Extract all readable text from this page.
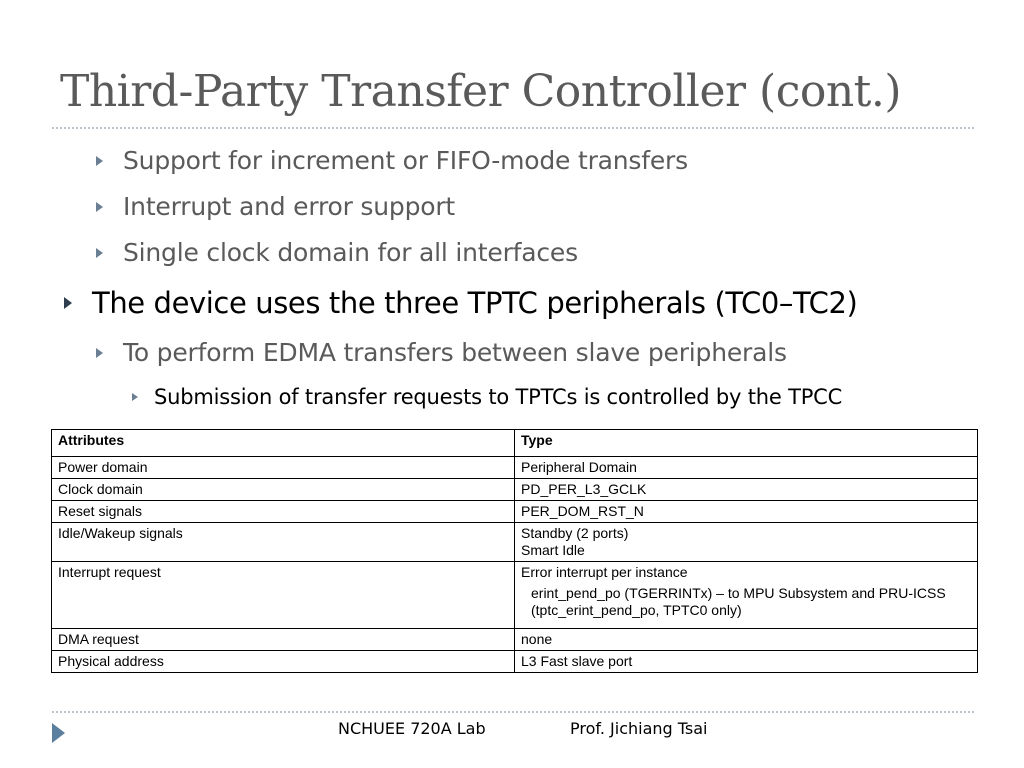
Third-Party Transfer Controller (cont.)
Support for increment or FIFO-mode transfers
Interrupt and error support
Single clock domain for all interfaces
The device uses the three TPTC peripherals (TC0–TC2)
To perform EDMA transfers between slave peripherals
Submission of transfer requests to TPTCs is controlled by the TPCC
Attributes	Type
Power domain	Peripheral Domain
Clock domain	PD_PER_L3_GCLK
Reset signals	PER_DOM_RST_N
Idle/Wakeup signals	Standby (2 ports)
Smart Idle
Interrupt request	Error interrupt per instance
erint_pend_po (TGERRINTx) – to MPU Subsystem and PRU-ICSS (tptc_erint_pend_po, TPTC0 only)

DMA request	none
Physical address	L3 Fast slave port
NCHUEE 720A Lab	Prof. Jichiang Tsai
